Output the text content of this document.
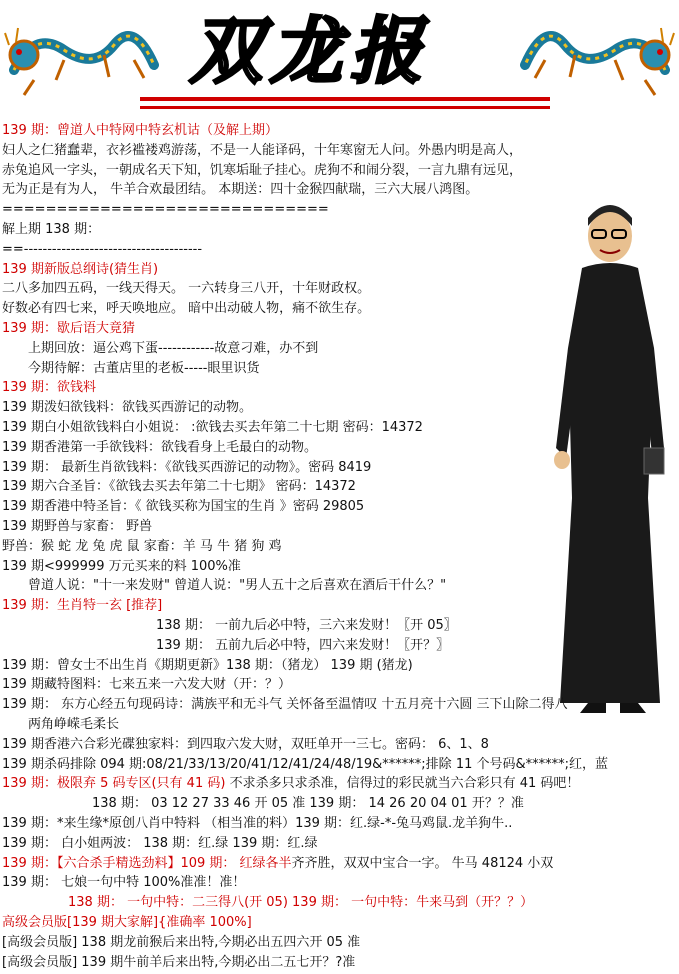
双龙报
139 期：曾道人中特网中特玄机诂（及解上期）
妇人之仁猪蠢辈，衣衫褴褛鸡游荡，不是一人能译码，十年寒窗无人问。外愚内明是高人，
赤兔追风一字头，一朝成名天下知，饥寒垢耻子挂心。虎狗不和闹分裂，一言九鼎有远见，
无为正是有为人， 牛羊合欢最团结。 本期送：四十金猴四献瑞，三六大展八鸿图。
==============================
解上期 138 期：
==--------------------------------------
139 期新版总纲诗(猜生肖)
二八多加四五码，一线天得天。 一六转身三八开，十年财政权。
好数必有四七来，呼天唤地应。 暗中出动破人物，痛不欲生存。
139 期：歇后语大竟猜
上期回放：逼公鸡下蛋------------故意刁难，办不到
今期待解：古董店里的老板-----眼里识货
139 期：欲钱料
139 期泼妇欲钱料：欲钱买西游记的动物。
139 期白小姐欲钱料白小姐说： :欲钱去买去年第二十七期 密码：14372
139 期香港第一手欲钱料：欲钱看身上毛最白的动物。
139 期： 最新生肖欲钱料：《欲钱买西游记的动物》。密码 8419
139 期六合圣旨：《欲钱去买去年第二十七期》 密码：14372
139 期香港中特圣旨：《 欲钱买称为国宝的生肖 》密码 29805
139 期野兽与家畜： 野兽
野兽：猴 蛇 龙 兔 虎 鼠 家畜：羊 马 牛 猪 狗 鸡
139 期<999999 万元买来的料 100%准
曾道人说："十一来发财" 曾道人说："男人五十之后喜欢在酒后干什么？"
139 期：生肖特一玄 [推荐]
138 期： 一前九后必中特，三六来发财！〖开 05〗
139 期： 五前九后必中特，四六来发财！〖开？〗
139 期：曾女士不出生肖《期期更新》138 期：（猪龙） 139 期 (猪龙)
139 期藏特图料：七来五来一六发大财（开：？）
139 期： 东方心经五句现码诗：满族平和无斗气 关怀备至温情叹 十五月亮十六圆 三下山除二得八
两角峥嵘毛柔长
139 期香港六合彩光碟独家料：到四取六发大财，双旺单开一三七。密码： 6、1、8
139 期杀码排除 094 期:08/21/33/13/20/41/12/41/24/48/19&******;排除 11 个号码&******;红，蓝
139 期：极限弃 5 码专区(只有 41 码) 不求杀多只求杀准，信得过的彩民就当六合彩只有 41 码吧！
138 期： 03 12 27 33 46 开 05 准 139 期： 14 26 20 04 01 开？？准
139 期：*来生缘*原创八肖中特料 （相当准的料）139 期：红.绿-*-兔马鸡鼠.龙羊狗牛..
139 期： 白小姐两波： 138 期：红.绿 139 期：红.绿
139 期：【六合杀手精选劲料】109 期： 红绿各半齐齐胜，双双中宝合一字。 牛马 48124 小双
139 期： 七娘一句中特 100%准准！准！
138 期： 一句中特：二三得八(开 05) 139 期： 一句中特：牛来马到（开？？）
高级会员版[139 期大家解]{准确率 100%]
[高级会员版] 138 期龙前猴后来出特,今期必出五四六开 05 准
[高级会员版] 139 期牛前羊后来出特,今期必出二五七开？?准
